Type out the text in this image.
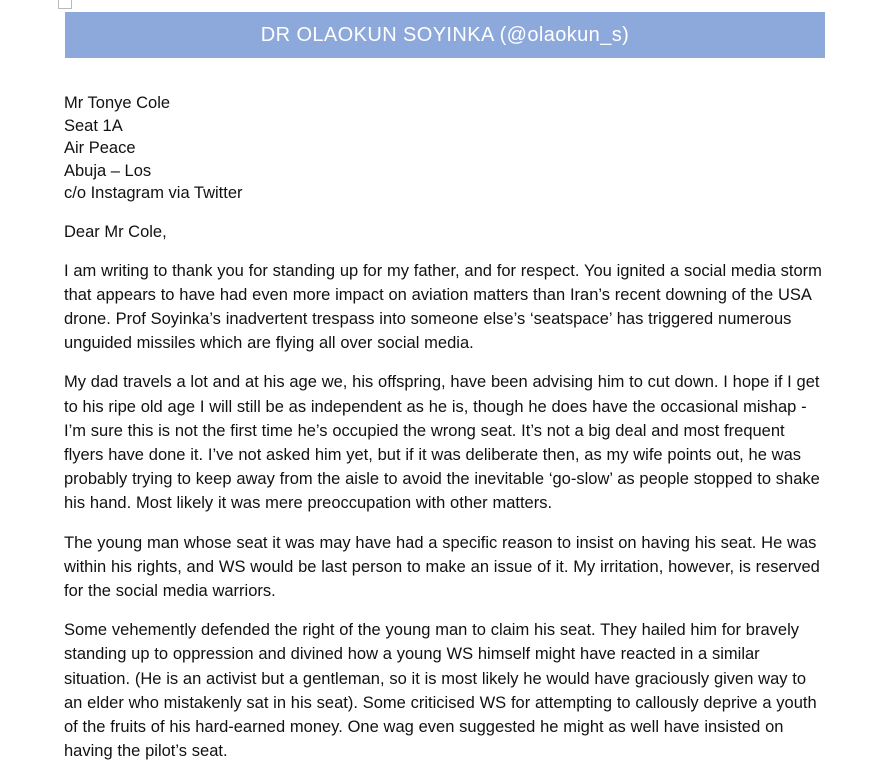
DR OLAOKUN SOYINKA (@olaokun_s)
Mr Tonye Cole
Seat 1A
Air Peace
Abuja – Los
c/o Instagram via Twitter
Dear Mr Cole,

I am writing to thank you for standing up for my father, and for respect. You ignited a social media storm that appears to have had even more impact on aviation matters than Iran’s recent downing of the USA drone. Prof Soyinka’s inadvertent trespass into someone else’s ‘seatspace’ has triggered numerous unguided missiles which are flying all over social media.

My dad travels a lot and at his age we, his offspring, have been advising him to cut down. I hope if I get to his ripe old age I will still be as independent as he is, though he does have the occasional mishap - I’m sure this is not the first time he’s occupied the wrong seat. It’s not a big deal and most frequent flyers have done it. I’ve not asked him yet, but if it was deliberate then, as my wife points out, he was probably trying to keep away from the aisle to avoid the inevitable ‘go-slow’ as people stopped to shake his hand. Most likely it was mere preoccupation with other matters.

The young man whose seat it was may have had a specific reason to insist on having his seat. He was within his rights, and WS would be last person to make an issue of it. My irritation, however, is reserved for the social media warriors.

Some vehemently defended the right of the young man to claim his seat. They hailed him for bravely standing up to oppression and divined how a young WS himself might have reacted in a similar situation. (He is an activist but a gentleman, so it is most likely he would have graciously given way to an elder who mistakenly sat in his seat). Some criticised WS for attempting to callously deprive a youth of the fruits of his hard-earned money. One wag even suggested he might as well have insisted on having the pilot’s seat.
